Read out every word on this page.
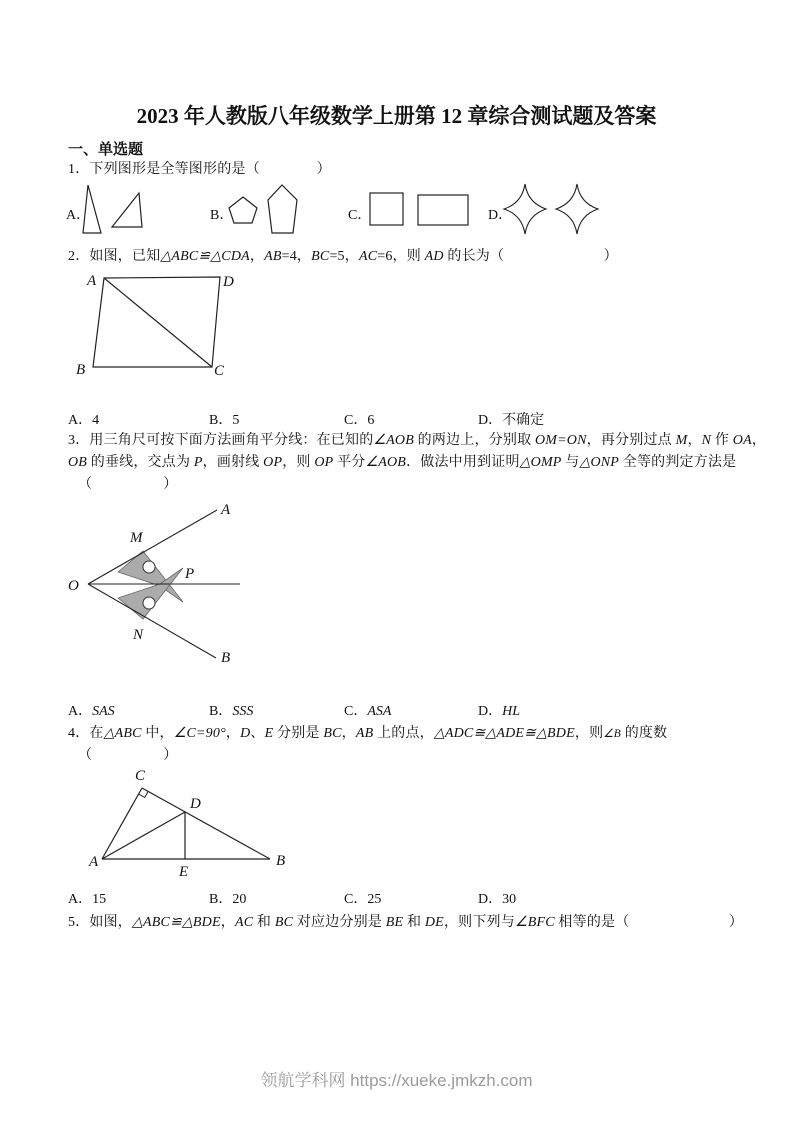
2023 年人教版八年级数学上册第 12 章综合测试题及答案
一、单选题
1．下列图形是全等图形的是（　　　　）
A．	B．	C．	D．
2．如图，已知△ABC≌△CDA，AB=4，BC=5，AC=6，则 AD 的长为（　　　　　　　）
A	D
B	C
A．4	B．5	C．6	D．不确定
3．用三角尺可按下面方法画角平分线：在已知的∠AOB 的两边上，分别取 OM=ON，再分别过点 M，N 作 OA，
OB 的垂线，交点为 P，画射线 OP，则 OP 平分∠AOB．做法中用到证明△OMP 与△ONP 全等的判定方法是
（　　　　　）
O
M
N
P
A
B
A．SAS	B．SSS	C．ASA	D．HL
4．在△ABC 中，∠C=90°，D、E 分别是 BC，AB 上的点，△ADC≅△ADE≅△BDE，则∠B 的度数
（　　　　　）
A	B
C
D
E
A．15	B．20	C．25	D．30
5．如图，△ABC≌△BDE，AC 和 BC 对应边分别是 BE 和 DE，则下列与∠BFC 相等的是（　　　　　　　）
领航学科网 https://xueke.jmkzh.com
